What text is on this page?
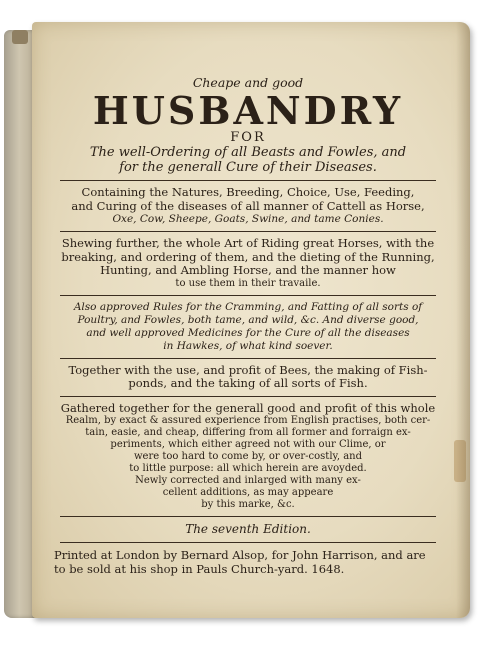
Cheape and good
HUSBANDRY
FOR
The well-Ordering of all Beasts and Fowles, and
for the generall Cure of their Diseases.
Containing the Natures, Breeding, Choice, Use, Feeding,
and Curing of the diseases of all manner of Cattell as Horse,
Oxe, Cow, Sheepe, Goats, Swine, and tame Conies.
Shewing further, the whole Art of Riding great Horses, with the
breaking, and ordering of them, and the dieting of the Running,
Hunting, and Ambling Horse, and the manner how
to use them in their travaile.
Also approved Rules for the Cramming, and Fatting of all sorts of
Poultry, and Fowles, both tame, and wild, &c. And diverse good,
and well approved Medicines for the Cure of all the diseases
in Hawkes, of what kind soever.
Together with the use, and profit of Bees, the making of Fish-
ponds, and the taking of all sorts of Fish.
Gathered together for the generall good and profit of this whole
Realm, by exact & assured experience from English practises, both cer-
tain, easie, and cheap, differing from all former and forraign ex-
periments, which either agreed not with our Clime, or
were too hard to come by, or over-costly, and
to little purpose: all which herein are avoyded.
Newly corrected and inlarged with many ex-
cellent additions, as may appeare
by this marke, &c.
The seventh Edition.
Printed at London by Bernard Alsop, for John Harrison, and are
to be sold at his shop in Pauls Church-yard. 1648.
